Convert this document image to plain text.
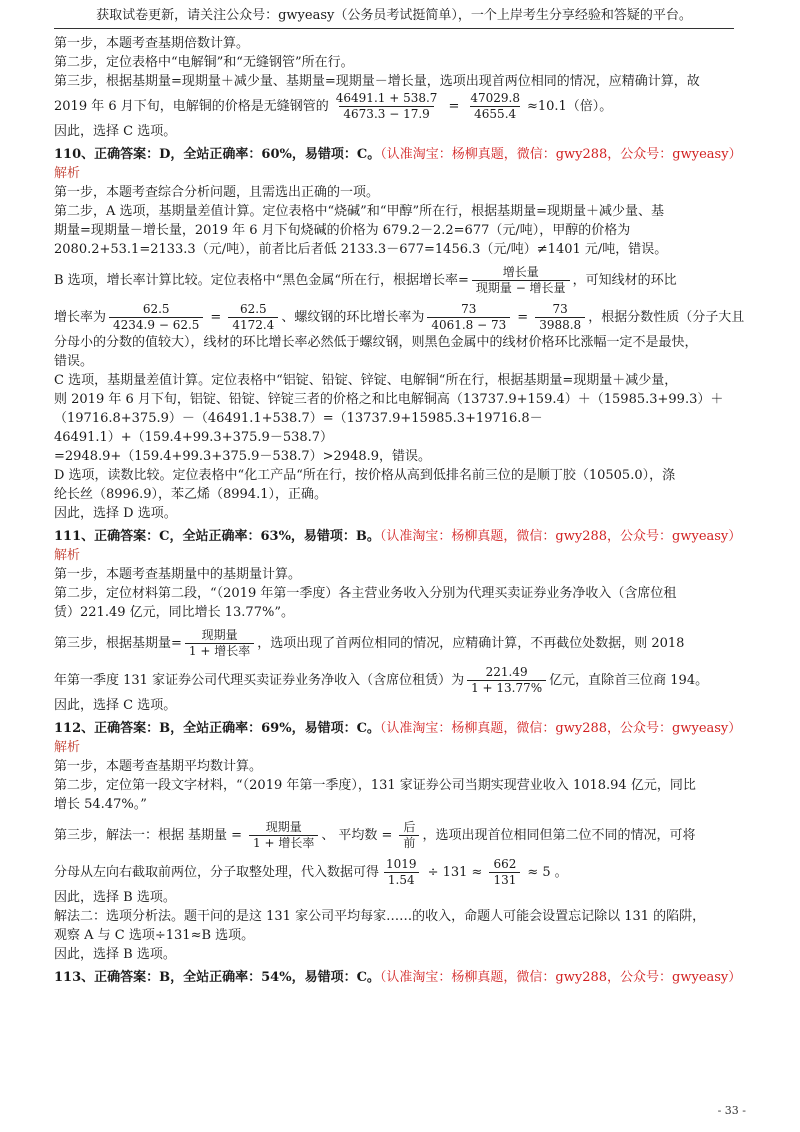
获取试卷更新，请关注公众号：gwyeasy（公务员考试挺简单），一个上岸考生分享经验和答疑的平台。

第一步，本题考查基期倍数计算。

第二步，定位表格中“电解铜”和“无缝钢管”所在行。

第三步，根据基期量=现期量＋减少量、基期量=现期量－增长量，选项出现首两位相同的情况，应精确计算，故

2019 年 6 月下旬，电解铜的价格是无缝钢管的 $\frac{46491.1 + 538.7}{4673.3 - 17.9} = \frac{47029.8}{4655.4} \approx 10.1$（倍）。

因此，选择 C 选项。

110、正确答案：D，全站正确率：60%，易错项：C。（认准淘宝：杨柳真题，微信：gwy288，公众号：gwyeasy）

解析

第一步，本题考查综合分析问题，且需选出正确的一项。

第二步，A 选项，基期量差值计算。定位表格中“烧碱”和“甲醇”所在行，根据基期量=现期量＋减少量、基

期量=现期量－增长量，2019 年 6 月下旬烧碱的价格为 679.2－2.2=677（元/吨），甲醇的价格为

2080.2+53.1=2133.3（元/吨），前者比后者低 2133.3－677=1456.3（元/吨）≠1401 元/吨，错误。

B 选项，增长率计算比较。定位表格中“黑色金属“所在行，根据增长率= $\frac{\text{增长量}}{\text{现期量 − 增长量}}$ ，可知线材的环比
增长率为 $\frac{62.5}{4234.9 - 62.5} = \frac{62.5}{4172.4}$ 、螺纹钢的环比增长率为 $\frac{73}{4061.8 - 73} = \frac{73}{3988.8}$ ，根据分数性质（分子大且

分母小的分数的值较大），线材的环比增长率必然低于螺纹钢，则黑色金属中的线材价格环比涨幅一定不是最快，

错误。

C 选项，基期量差值计算。定位表格中“铝锭、铅锭、锌锭、电解铜“所在行，根据基期量=现期量＋减少量，

则 2019 年 6 月下旬，铝锭、铅锭、锌锭三者的价格之和比电解铜高（13737.9+159.4）＋（15985.3+99.3）＋

（19716.8+375.9）－（46491.1+538.7）=（13737.9+15985.3+19716.8－46491.1）+（159.4+99.3+375.9－538.7）

=2948.9+（159.4+99.3+375.9－538.7）>2948.9，错误。

D 选项，读数比较。定位表格中“化工产品“所在行，按价格从高到低排名前三位的是顺丁胶（10505.0），涤

纶长丝（8996.9），苯乙烯（8994.1），正确。

因此，选择 D 选项。

111、正确答案：C，全站正确率：63%，易错项：B。（认准淘宝：杨柳真题，微信：gwy288，公众号：gwyeasy）

解析

第一步，本题考查基期量中的基期量计算。

第二步，定位材料第二段，“（2019 年第一季度）各主营业务收入分别为代理买卖证券业务净收入（含席位租

赁）221.49 亿元，同比增长 13.77%”。

第三步，根据基期量= $\frac{\text{现期量}}{\text{1 + 增长率}}$ ，选项出现了首两位相同的情况，应精确计算，不再截位处数据，则 2018
年第一季度 131 家证券公司代理买卖证券业务净收入（含席位租赁）为 $\frac{221.49}{1 + 13.77\%}$ 亿元，直除首三位商 194。

因此，选择 C 选项。

112、正确答案：B，全站正确率：69%，易错项：C。（认准淘宝：杨柳真题，微信：gwy288，公众号：gwyeasy）

解析

第一步，本题考查基期平均数计算。

第二步，定位第一段文字材料，“（2019 年第一季度），131 家证券公司当期实现营业收入 1018.94 亿元，同比

增长 54.47%。”

第三步，解法一：根据 基期量 = $\frac{\text{现期量}}{\text{1 + 增长率}}$ 、 平均数 = $\frac{\text{后}}{\text{前}}$ ，选项出现首位相同但第二位不同的情况，可将
分母从左向右截取前两位，分子取整处理，代入数据可得 $\frac{1019}{1.54} \div 131 \approx \frac{662}{131} \approx 5$ 。

因此，选择 B 选项。

解法二：选项分析法。题干问的是这 131 家公司平均每家……的收入，命题人可能会设置忘记除以 131 的陷阱，

观察 A 与 C 选项÷131≈B 选项。

因此，选择 B 选项。

113、正确答案：B，全站正确率：54%，易错项：C。（认准淘宝：杨柳真题，微信：gwy288，公众号：gwyeasy）

- 33 -
